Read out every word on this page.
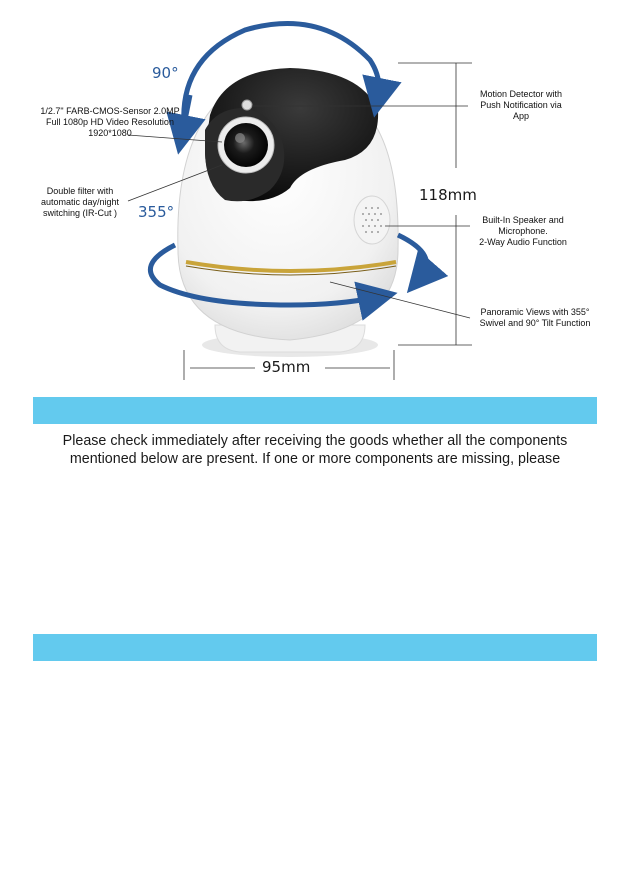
90°
355°
118mm
95mm
1/2.7" FARB-CMOS-Sensor 2.0MP
Full 1080p HD Video Resolution
1920*1080
Double filter with
automatic day/night
switching (IR-Cut )
Motion Detector with
Push Notification via
App
Built-In Speaker and
Microphone.
2-Way Audio Function
Panoramic Views with 355°
Swivel and 90° Tilt Function
Please check immediately after receiving the goods whether all the components
mentioned below are present. If one or more components are missing, please
